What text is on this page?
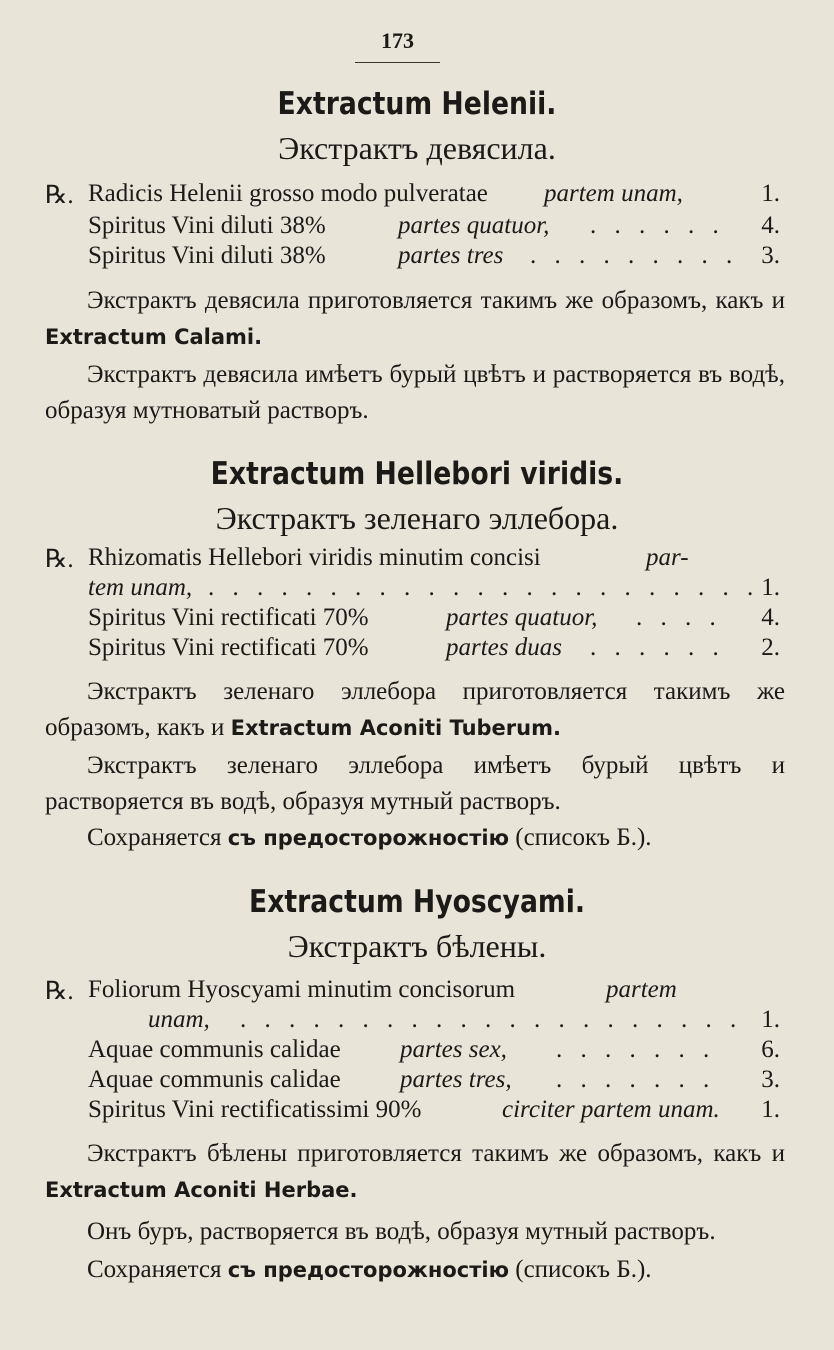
173
Extractum Helenii.
Экстрактъ девясила.
℞. Radicis Helenii grosso modo pulveratae partem unam,	1.
Spiritus Vini diluti 38%	partes quatuor, . . . . . . 4.
Spiritus Vini diluti 38%	partes tres . . . . . . . . . 3.
Экстрактъ девясила приготовляется такимъ же образомъ, какъ и Extractum Calami.
Экстрактъ девясила имѣетъ бурый цвѣтъ и растворяется въ водѣ, образуя мутноватый растворъ.
Extractum Hellebori viridis.
Экстрактъ зеленаго эллебора.
℞. Rhizomatis Hellebori viridis minutim concisi	par-
tem unam, . . . . . . . . . . . . . . . . . . . . . . . 1.
Spiritus Vini rectificati 70%	partes quatuor, . . . . 4.
Spiritus Vini rectificati 70%	partes duas . . . . . . 2.
Экстрактъ зеленаго эллебора приготовляется такимъ же образомъ, какъ и Extractum Aconiti Tuberum.
Экстрактъ зеленаго эллебора имѣетъ бурый цвѣтъ и растворяется въ водѣ, образуя мутный растворъ.
Сохраняется съ предосторожностію (списокъ Б.).
Extractum Hyoscyami.
Экстрактъ бѣлены.
℞. Foliorum Hyoscyami minutim concisorum	partem
unam, . . . . . . . . . . . . . . . . . . . . . 1.
Aquae communis calidae partes sex, . . . . . . . 6.
Aquae communis calidae partes tres, . . . . . . . 3.
Spiritus Vini rectificatissimi 90%	circiter partem unam. 1.
Экстрактъ бѣлены приготовляется такимъ же образомъ, какъ и Extractum Aconiti Herbae.
Онъ буръ, растворяется въ водѣ, образуя мутный растворъ.
Сохраняется съ предосторожностію (списокъ Б.).
